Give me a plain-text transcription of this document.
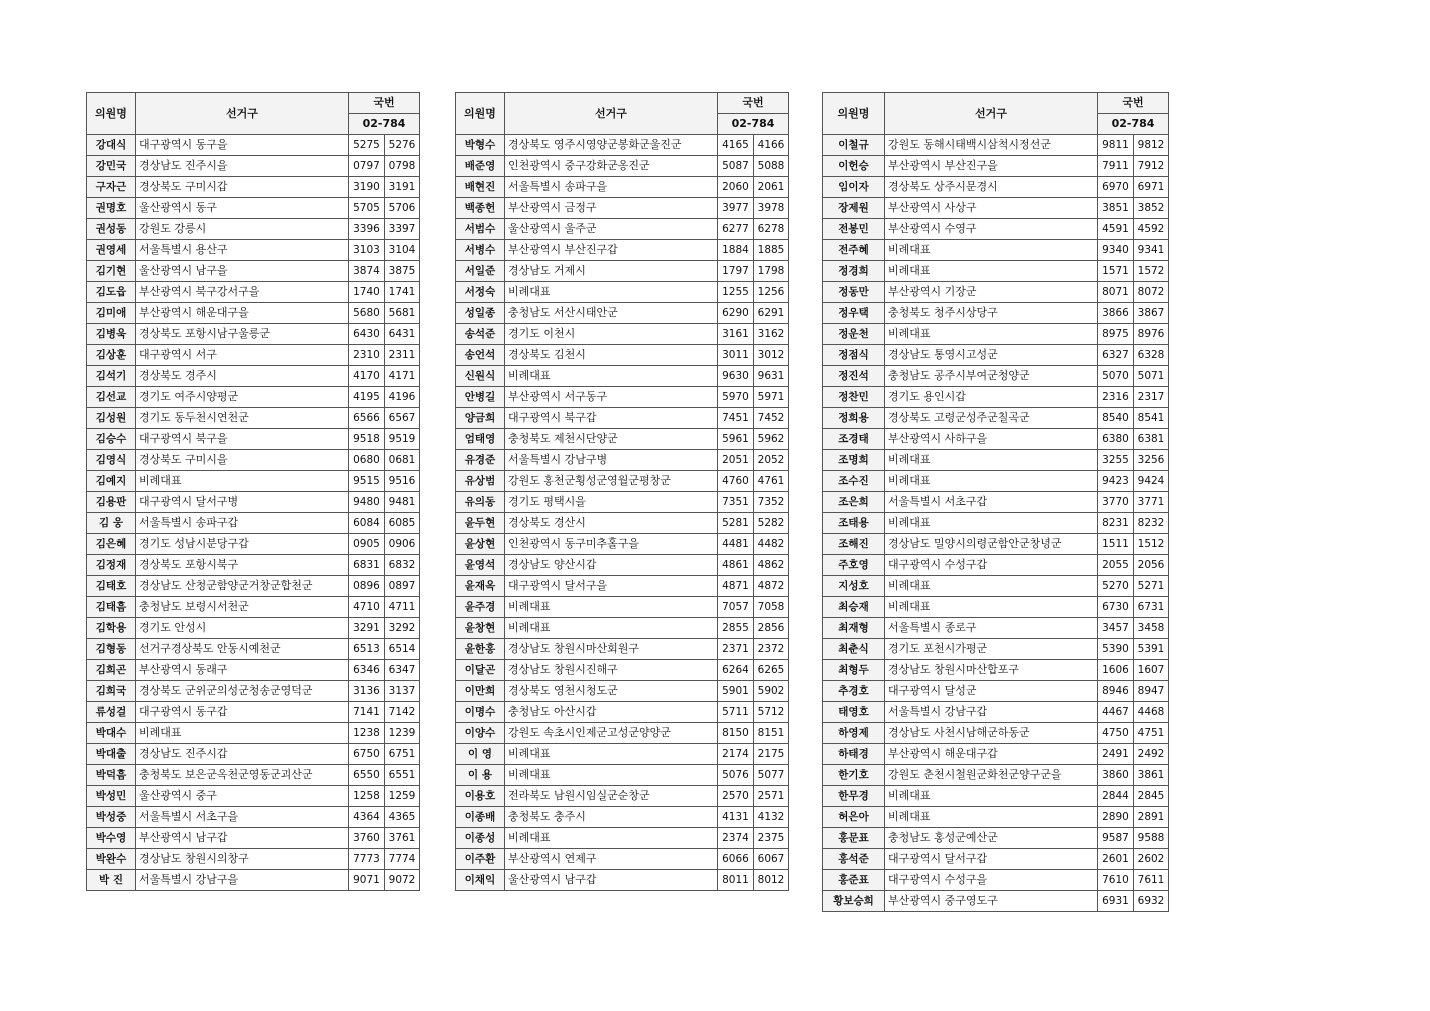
의원명	선거구	국번	
		02-784	
강대식	대구광역시 동구을	5275	5276
강민국	경상남도 진주시을	0797	0798
구자근	경상북도 구미시갑	3190	3191
권명호	울산광역시 동구	5705	5706
권성동	강원도 강릉시	3396	3397
권영세	서울특별시 용산구	3103	3104
김기현	울산광역시 남구을	3874	3875
김도읍	부산광역시 북구강서구을	1740	1741
김미애	부산광역시 해운대구을	5680	5681
김병욱	경상북도 포항시남구울릉군	6430	6431
김상훈	대구광역시 서구	2310	2311
김석기	경상북도 경주시	4170	4171
김선교	경기도 여주시양평군	4195	4196
김성원	경기도 동두천시연천군	6566	6567
김승수	대구광역시 북구을	9518	9519
김영식	경상북도 구미시을	0680	0681
김예지	비례대표	9515	9516
김용판	대구광역시 달서구병	9480	9481
김 웅	서울특별시 송파구갑	6084	6085
김은혜	경기도 성남시분당구갑	0905	0906
김정재	경상북도 포항시북구	6831	6832
김태호	경상남도 산청군함양군거창군합천군	0896	0897
김태흠	충청남도 보령시서천군	4710	4711
김학용	경기도 안성시	3291	3292
김형동	선거구경상북도 안동시예천군	6513	6514
김희곤	부산광역시 동래구	6346	6347
김희국	경상북도 군위군의성군청송군영덕군	3136	3137
류성걸	대구광역시 동구갑	7141	7142
박대수	비례대표	1238	1239
박대출	경상남도 진주시갑	6750	6751
박덕흠	충청북도 보은군옥천군영동군괴산군	6550	6551
박성민	울산광역시 중구	1258	1259
박성중	서울특별시 서초구을	4364	4365
박수영	부산광역시 남구갑	3760	3761
박완수	경상남도 창원시의창구	7773	7774
박 진	서울특별시 강남구을	9071	9072
의원명	선거구	국번	
		02-784	
박형수	경상북도 영주시영양군봉화군울진군	4165	4166
배준영	인천광역시 중구강화군옹진군	5087	5088
배현진	서울특별시 송파구을	2060	2061
백종헌	부산광역시 금정구	3977	3978
서범수	울산광역시 울주군	6277	6278
서병수	부산광역시 부산진구갑	1884	1885
서일준	경상남도 거제시	1797	1798
서정숙	비례대표	1255	1256
성일종	충청남도 서산시태안군	6290	6291
송석준	경기도 이천시	3161	3162
송언석	경상북도 김천시	3011	3012
신원식	비례대표	9630	9631
안병길	부산광역시 서구동구	5970	5971
양금희	대구광역시 북구갑	7451	7452
엄태영	충청북도 제천시단양군	5961	5962
유경준	서울특별시 강남구병	2051	2052
유상범	강원도 홍천군횡성군영월군평창군	4760	4761
유의동	경기도 평택시을	7351	7352
윤두현	경상북도 경산시	5281	5282
윤상현	인천광역시 동구미추홀구을	4481	4482
윤영석	경상남도 양산시갑	4861	4862
윤재옥	대구광역시 달서구을	4871	4872
윤주경	비례대표	7057	7058
윤창현	비례대표	2855	2856
윤한홍	경상남도 창원시마산회원구	2371	2372
이달곤	경상남도 창원시진해구	6264	6265
이만희	경상북도 영천시청도군	5901	5902
이명수	충청남도 아산시갑	5711	5712
이양수	강원도 속초시인제군고성군양양군	8150	8151
이 영	비례대표	2174	2175
이 용	비례대표	5076	5077
이용호	전라북도 남원시임실군순창군	2570	2571
이종배	충청북도 충주시	4131	4132
이종성	비례대표	2374	2375
이주환	부산광역시 연제구	6066	6067
이채익	울산광역시 남구갑	8011	8012
의원명	선거구	국번	
		02-784	
이철규	강원도 동해시태백시삼척시정선군	9811	9812
이헌승	부산광역시 부산진구을	7911	7912
임이자	경상북도 상주시문경시	6970	6971
장제원	부산광역시 사상구	3851	3852
전봉민	부산광역시 수영구	4591	4592
전주혜	비례대표	9340	9341
정경희	비례대표	1571	1572
정동만	부산광역시 기장군	8071	8072
정우택	충청북도 청주시상당구	3866	3867
정운천	비례대표	8975	8976
정점식	경상남도 통영시고성군	6327	6328
정진석	충청남도 공주시부여군청양군	5070	5071
정찬민	경기도 용인시갑	2316	2317
정희용	경상북도 고령군성주군칠곡군	8540	8541
조경태	부산광역시 사하구을	6380	6381
조명희	비례대표	3255	3256
조수진	비례대표	9423	9424
조은희	서울특별시 서초구갑	3770	3771
조태용	비례대표	8231	8232
조해진	경상남도 밀양시의령군함안군창녕군	1511	1512
주호영	대구광역시 수성구갑	2055	2056
지성호	비례대표	5270	5271
최승재	비례대표	6730	6731
최재형	서울특별시 종로구	3457	3458
최춘식	경기도 포천시가평군	5390	5391
최형두	경상남도 창원시마산합포구	1606	1607
추경호	대구광역시 달성군	8946	8947
태영호	서울특별시 강남구갑	4467	4468
하영제	경상남도 사천시남해군하동군	4750	4751
하태경	부산광역시 해운대구갑	2491	2492
한기호	강원도 춘천시철원군화천군양구군을	3860	3861
한무경	비례대표	2844	2845
허은아	비례대표	2890	2891
홍문표	충청남도 홍성군예산군	9587	9588
홍석준	대구광역시 달서구갑	2601	2602
홍준표	대구광역시 수성구을	7610	7611
황보승희	부산광역시 중구영도구	6931	6932
